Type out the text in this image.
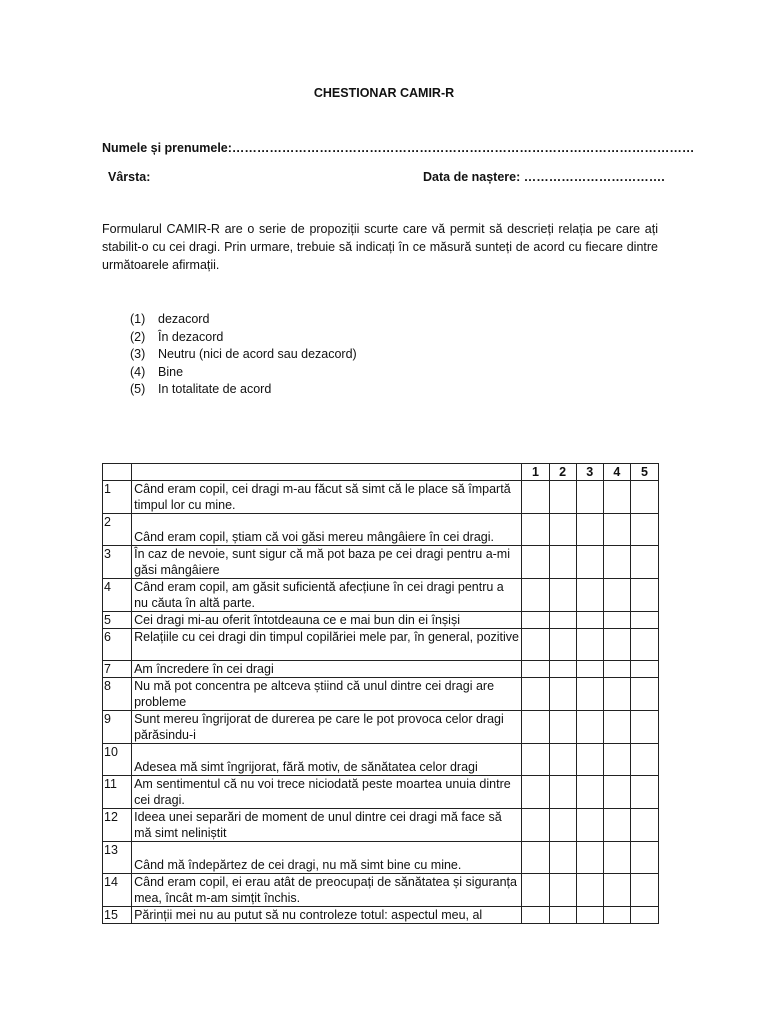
CHESTIONAR CAMIR-R
Numele și prenumele:…………………………………………………………………………………………………
Vârsta:	Data de naștere: …………………………….
Formularul CAMIR-R are o serie de propoziții scurte care vă permit să descrieți relația pe care ați stabilit-o cu cei dragi. Prin urmare, trebuie să indicați în ce măsură sunteți de acord cu fiecare dintre următoarele afirmații.
(1) dezacord
(2) În dezacord
(3) Neutru (nici de acord sau dezacord)
(4) Bine
(5) In totalitate de acord
		1	2	3	4	5
1	Când eram copil, cei dragi m-au făcut să simt că le place să împartă timpul lor cu mine.					
2	Când eram copil, știam că voi găsi mereu mângâiere în cei dragi.					
3	În caz de nevoie, sunt sigur că mă pot baza pe cei dragi pentru a-mi găsi mângâiere					
4	Când eram copil, am găsit suficientă afecțiune în cei dragi pentru a nu căuta în altă parte.					
5	Cei dragi mi-au oferit întotdeauna ce e mai bun din ei înșiși					
6	Relațiile cu cei dragi din timpul copilăriei mele par, în general, pozitive					
7	Am încredere în cei dragi					
8	Nu mă pot concentra pe altceva știind că unul dintre cei dragi are probleme					
9	Sunt mereu îngrijorat de durerea pe care le pot provoca celor dragi părăsindu-i					
10	Adesea mă simt îngrijorat, fără motiv, de sănătatea celor dragi					
11	Am sentimentul că nu voi trece niciodată peste moartea unuia dintre cei dragi.					
12	Ideea unei separări de moment de unul dintre cei dragi mă face să mă simt neliniștit					
13	Când mă îndepărtez de cei dragi, nu mă simt bine cu mine.					
14	Când eram copil, ei erau atât de preocupați de sănătatea și siguranța mea, încât m-am simțit închis.					
15	Părinții mei nu au putut să nu controleze totul: aspectul meu, al					
